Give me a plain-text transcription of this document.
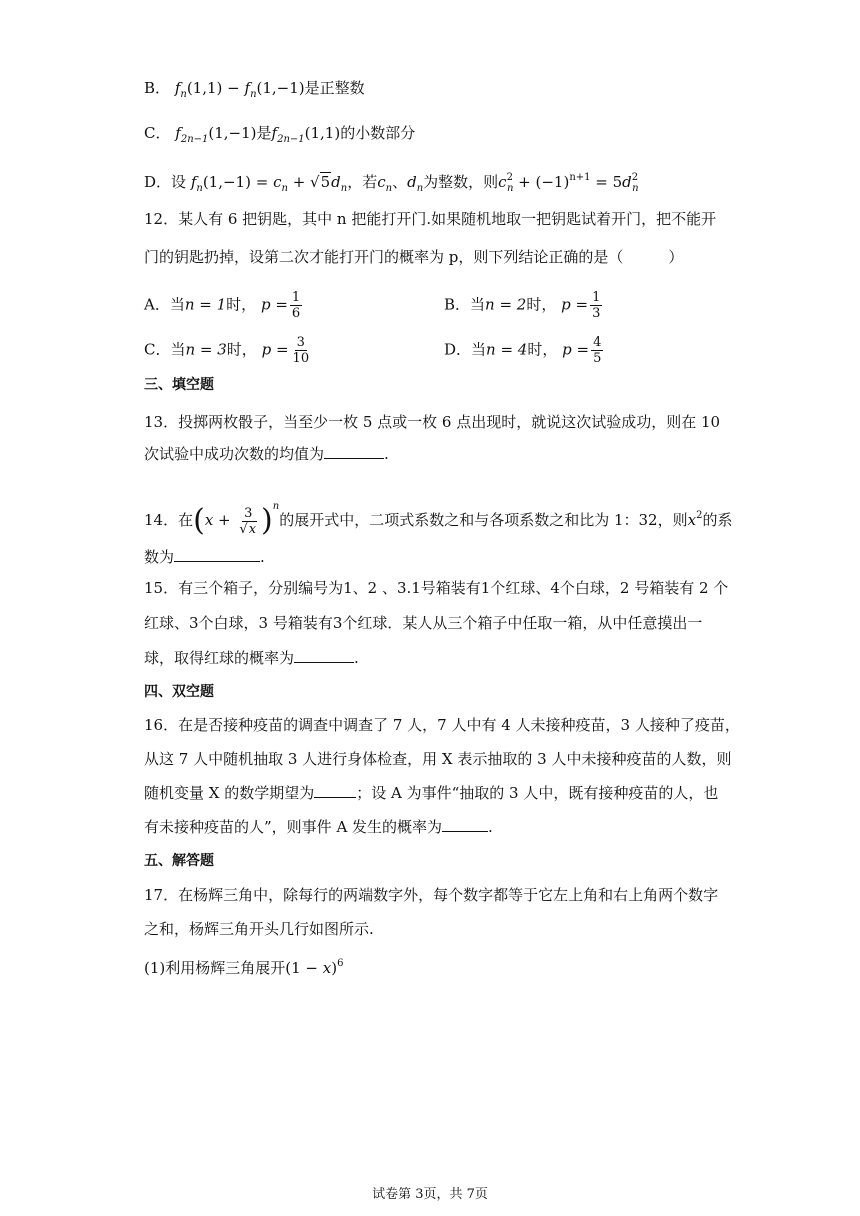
B． $f_n(1,1) - f_n(1,-1)$是正整数
C． $f_{2n-1}(1,-1)$是$f_{2n-1}(1,1)$的小数部分
D．设 $f_n(1,-1) = c_n + √5d_n$，若$c_n$、$d_n$为整数，则$c^2_n + (-1)^{n+1} = 5d^2_n$
12．某人有 6 把钥匙，其中 n 把能打开门.如果随机地取一把钥匙试着开门，把不能开
门的钥匙扔掉，设第二次才能打开门的概率为 p，则下列结论正确的是（　　　）
A．当n = 1时， $p = \frac{1}{6}$	B．当n = 2时， $p = \frac{1}{3}$
C．当n = 3时， $p = \frac{3}{10}$	D．当n = 4时， $p = \frac{4}{5}$
三、填空题
13．投掷两枚骰子，当至少一枚 5 点或一枚 6 点出现时，就说这次试验成功，则在 10
次试验中成功次数的均值为	.
14．在$(x + \frac{3}{√x} )^n$的展开式中，二项式系数之和与各项系数之和比为 1：32，则$x^2$的系
数为	.
15．有三个箱子，分别编号为1、2 、3.1号箱装有1个红球、4个白球，2 号箱装有 2 个
红球、3个白球，3 号箱装有3个红球．某人从三个箱子中任取一箱，从中任意摸出一
球，取得红球的概率为	.
四、双空题
16．在是否接种疫苗的调查中调查了 7 人，7 人中有 4 人未接种疫苗，3 人接种了疫苗，
从这 7 人中随机抽取 3 人进行身体检查，用 X 表示抽取的 3 人中未接种疫苗的人数，则
随机变量 X 的数学期望为	；设 A 为事件“抽取的 3 人中，既有接种疫苗的人，也
有未接种疫苗的人”，则事件 A 发生的概率为	.
五、解答题
17．在杨辉三角中，除每行的两端数字外，每个数字都等于它左上角和右上角两个数字
之和，杨辉三角开头几行如图所示.
(1)利用杨辉三角展开$(1 - x)^6$
试卷第 3页，共 7页
